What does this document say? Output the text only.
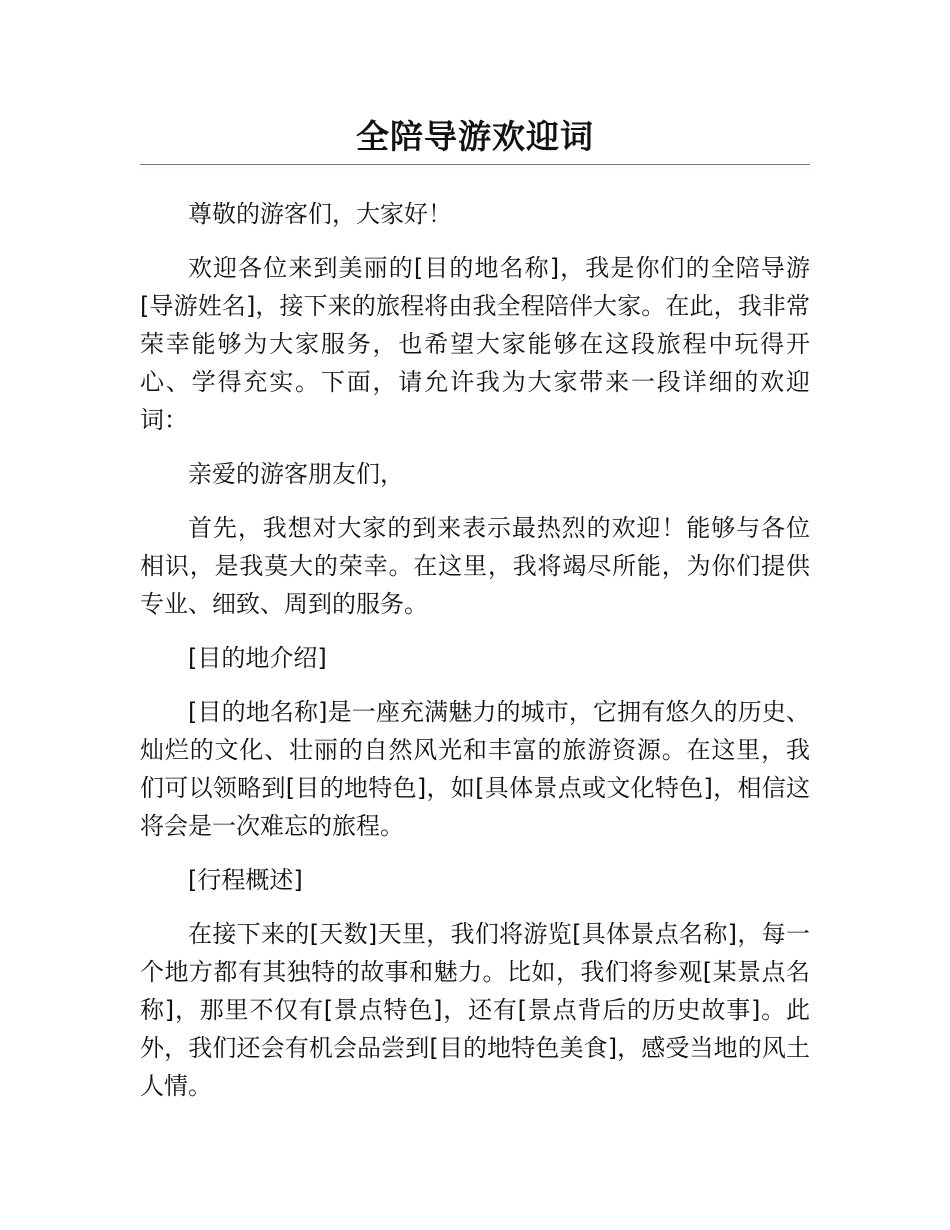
全陪导游欢迎词

尊敬的游客们，大家好！

欢迎各位来到美丽的[目的地名称]，我是你们的全陪导游[导游姓名]，接下来的旅程将由我全程陪伴大家。在此，我非常荣幸能够为大家服务，也希望大家能够在这段旅程中玩得开心、学得充实。下面，请允许我为大家带来一段详细的欢迎词：

亲爱的游客朋友们，

首先，我想对大家的到来表示最热烈的欢迎！能够与各位相识，是我莫大的荣幸。在这里，我将竭尽所能，为你们提供专业、细致、周到的服务。

[目的地介绍]

[目的地名称]是一座充满魅力的城市，它拥有悠久的历史、灿烂的文化、壮丽的自然风光和丰富的旅游资源。在这里，我们可以领略到[目的地特色]，如[具体景点或文化特色]，相信这将会是一次难忘的旅程。

[行程概述]

在接下来的[天数]天里，我们将游览[具体景点名称]，每一个地方都有其独特的故事和魅力。比如，我们将参观[某景点名称]，那里不仅有[景点特色]，还有[景点背后的历史故事]。此外，我们还会有机会品尝到[目的地特色美食]，感受当地的风土人情。
